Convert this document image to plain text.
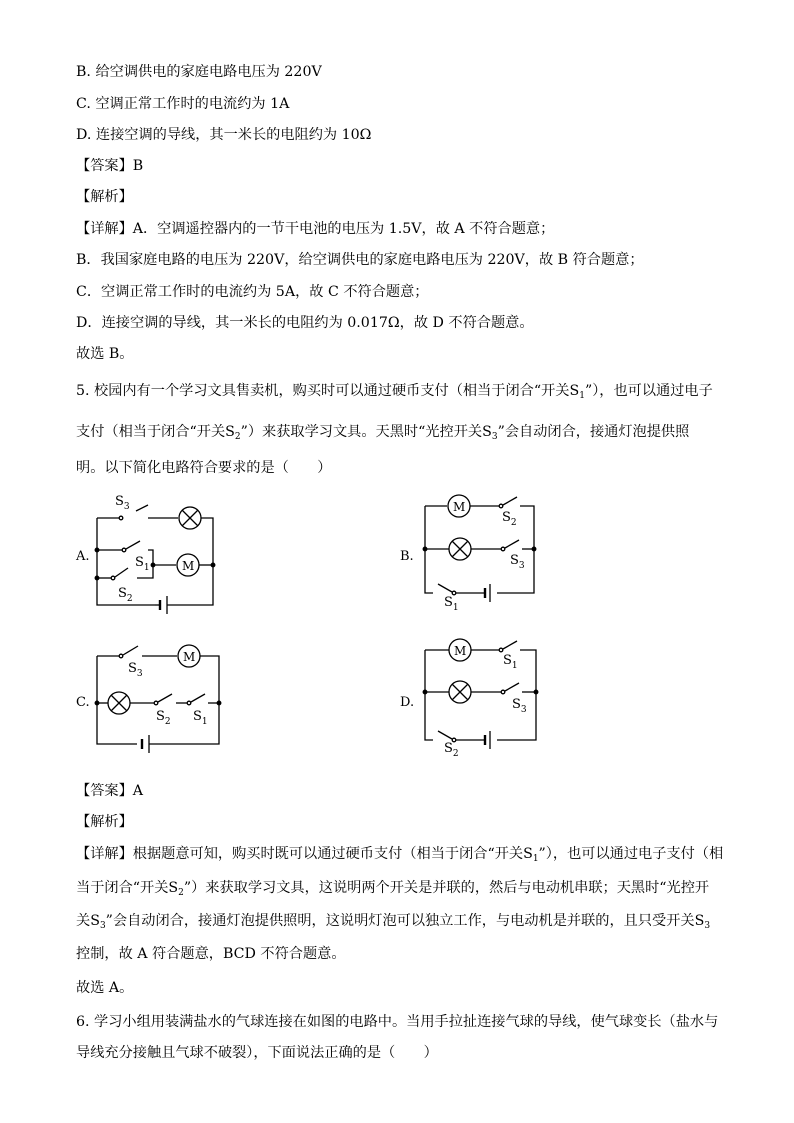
B. 给空调供电的家庭电路电压为 220V
C. 空调正常工作时的电流约为 1A
D. 连接空调的导线，其一米长的电阻约为 10Ω
【答案】B
【解析】
【详解】A．空调遥控器内的一节干电池的电压为 1.5V，故 A 不符合题意；
B．我国家庭电路的电压为 220V，给空调供电的家庭电路电压为 220V，故 B 符合题意；
C．空调正常工作时的电流约为 5A，故 C 不符合题意；
D．连接空调的导线，其一米长的电阻约为 0.017Ω，故 D 不符合题意。
故选 B。
5. 校园内有一个学习文具售卖机，购买时可以通过硬币支付（相当于闭合“开关$S_1$”），也可以通过电子
支付（相当于闭合“开关$S_2$”）来获取学习文具。天黑时“光控开关$S_3$”会自动闭合，接通灯泡提供照
明。以下简化电路符合要求的是（　　）
A.	B.
C.	D.
$S_3$
$S_1$
$S_2$
M
M
$S_2$
$S_3$
$S_1$
$S_3$
M
$S_2$ $S_1$
M
$S_1$
$S_3$
$S_2$
【答案】A
【解析】
【详解】根据题意可知，购买时既可以通过硬币支付（相当于闭合“开关$S_1$”），也可以通过电子支付（相
当于闭合“开关$S_2$”）来获取学习文具，这说明两个开关是并联的，然后与电动机串联；天黑时“光控开
关$S_3$”会自动闭合，接通灯泡提供照明，这说明灯泡可以独立工作，与电动机是并联的，且只受开关$S_3$
控制，故 A 符合题意，BCD 不符合题意。
故选 A。
6. 学习小组用装满盐水的气球连接在如图的电路中。当用手拉扯连接气球的导线，使气球变长（盐水与
导线充分接触且气球不破裂），下面说法正确的是（　　）
